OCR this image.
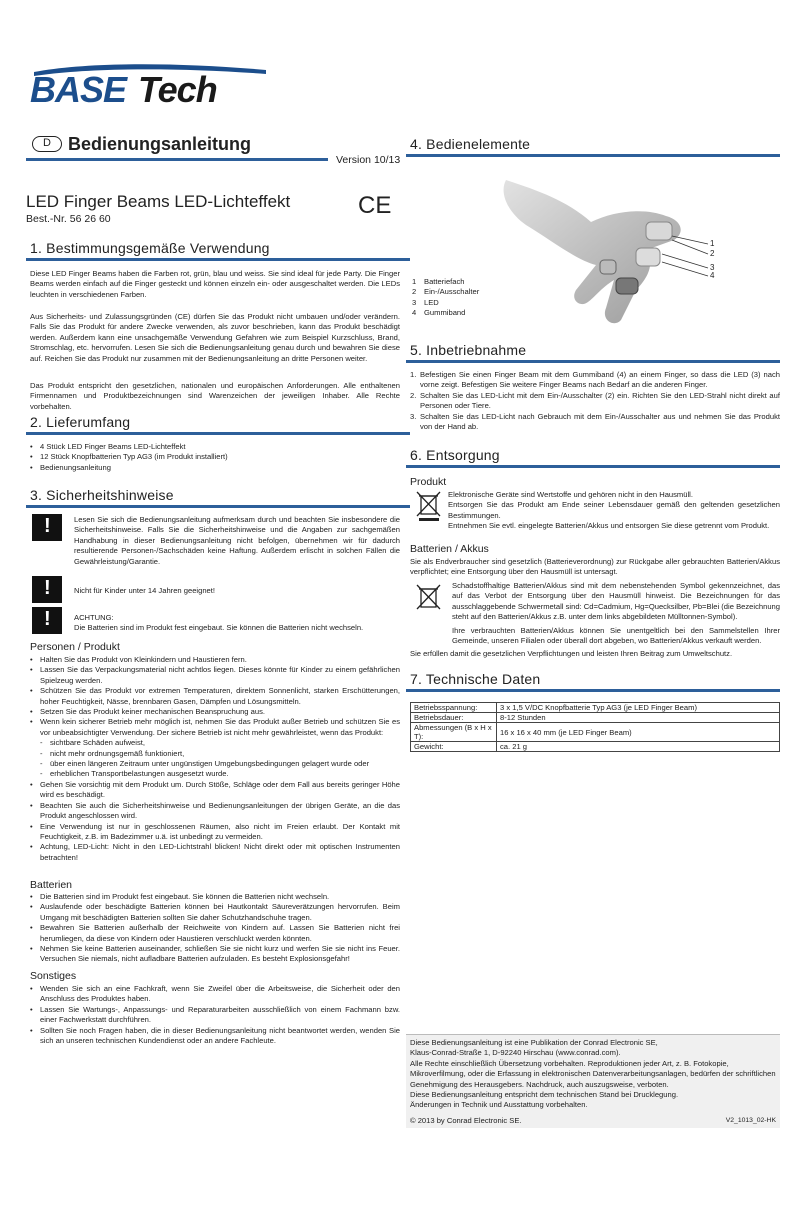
BASE Tech
D Bedienungsanleitung
Version 10/13
LED Finger Beams LED-Lichteffekt
Best.-Nr. 56 26 60	CE
1. Bestimmungsgemäße Verwendung
Diese LED Finger Beams haben die Farben rot, grün, blau und weiss. Sie sind ideal für jede Party. Die Finger Beams werden einfach auf die Finger gesteckt und können einzeln ein- oder ausgeschaltet werden. Die LEDs leuchten in verschiedenen Farben.
Aus Sicherheits- und Zulassungsgründen (CE) dürfen Sie das Produkt nicht umbauen und/oder verändern. Falls Sie das Produkt für andere Zwecke verwenden, als zuvor beschrieben, kann das Produkt beschädigt werden. Außerdem kann eine unsachgemäße Verwendung Gefahren wie zum Beispiel Kurzschluss, Brand, Stromschlag, etc. hervorrufen. Lesen Sie sich die Bedienungsanleitung genau durch und bewahren Sie diese auf. Reichen Sie das Produkt nur zusammen mit der Bedienungsanleitung an dritte Personen weiter.
Das Produkt entspricht den gesetzlichen, nationalen und europäischen Anforderungen. Alle enthaltenen Firmennamen und Produktbezeichnungen sind Warenzeichen der jeweiligen Inhaber. Alle Rechte vorbehalten.
2. Lieferumfang
• 4 Stück LED Finger Beams LED-Lichteffekt
• 12 Stück Knopfbatterien Typ AG3 (im Produkt installiert)
• Bedienungsanleitung
3. Sicherheitshinweise
!
Lesen Sie sich die Bedienungsanleitung aufmerksam durch und beachten Sie insbesondere die Sicherheitshinweise. Falls Sie die Sicherheitshinweise und die Angaben zur sachgemäßen Handhabung in dieser Bedienungsanleitung nicht befolgen, übernehmen wir für dadurch resultierende Personen-/Sachschäden keine Haftung. Außerdem erlischt in solchen Fällen die Gewährleistung/Garantie.
!
Nicht für Kinder unter 14 Jahren geeignet!
!
ACHTUNG:
Die Batterien sind im Produkt fest eingebaut. Sie können die Batterien nicht wechseln.
Personen / Produkt
• Halten Sie das Produkt von Kleinkindern und Haustieren fern.
• Lassen Sie das Verpackungsmaterial nicht achtlos liegen. Dieses könnte für Kinder zu einem gefährlichen Spielzeug werden.
• Schützen Sie das Produkt vor extremen Temperaturen, direktem Sonnenlicht, starken Erschütterungen, hoher Feuchtigkeit, Nässe, brennbaren Gasen, Dämpfen und Lösungsmitteln.
• Setzen Sie das Produkt keiner mechanischen Beanspruchung aus.
• Wenn kein sicherer Betrieb mehr möglich ist, nehmen Sie das Produkt außer Betrieb und schützen Sie es vor unbeabsichtigter Verwendung. Der sichere Betrieb ist nicht mehr gewährleistet, wenn das Produkt:
- sichtbare Schäden aufweist,
- nicht mehr ordnungsgemäß funktioniert,
- über einen längeren Zeitraum unter ungünstigen Umgebungsbedingungen gelagert wurde oder
- erheblichen Transportbelastungen ausgesetzt wurde.
• Gehen Sie vorsichtig mit dem Produkt um. Durch Stöße, Schläge oder dem Fall aus bereits geringer Höhe wird es beschädigt.
• Beachten Sie auch die Sicherheitshinweise und Bedienungsanleitungen der übrigen Geräte, an die das Produkt angeschlossen wird.
• Eine Verwendung ist nur in geschlossenen Räumen, also nicht im Freien erlaubt. Der Kontakt mit Feuchtigkeit, z.B. im Badezimmer u.ä. ist unbedingt zu vermeiden.
• Achtung, LED-Licht: Nicht in den LED-Lichtstrahl blicken! Nicht direkt oder mit optischen Instrumenten betrachten!
Batterien
• Die Batterien sind im Produkt fest eingebaut. Sie können die Batterien nicht wechseln.
• Auslaufende oder beschädigte Batterien können bei Hautkontakt Säureverätzungen hervorrufen. Beim Umgang mit beschädigten Batterien sollten Sie daher Schutzhandschuhe tragen.
• Bewahren Sie Batterien außerhalb der Reichweite von Kindern auf. Lassen Sie Batterien nicht frei herumliegen, da diese von Kindern oder Haustieren verschluckt werden könnten.
• Nehmen Sie keine Batterien auseinander, schließen Sie sie nicht kurz und werfen Sie sie nicht ins Feuer. Versuchen Sie niemals, nicht aufladbare Batterien aufzuladen. Es besteht Explosionsgefahr!
Sonstiges
• Wenden Sie sich an eine Fachkraft, wenn Sie Zweifel über die Arbeitsweise, die Sicherheit oder den Anschluss des Produktes haben.
• Lassen Sie Wartungs-, Anpassungs- und Reparaturarbeiten ausschließlich von einem Fachmann bzw. einer Fachwerkstatt durchführen.
• Sollten Sie noch Fragen haben, die in dieser Bedienungsanleitung nicht beantwortet werden, wenden Sie sich an unseren technischen Kundendienst oder an andere Fachleute.
4. Bedienelemente
1
2
3
4
1 Batteriefach
2 Ein-/Ausschalter
3 LED
4 Gummiband
5. Inbetriebnahme
1. Befestigen Sie einen Finger Beam mit dem Gummiband (4) an einem Finger, so dass die LED (3) nach vorne zeigt. Befestigen Sie weitere Finger Beams nach Bedarf an die anderen Finger.
2. Schalten Sie das LED-Licht mit dem Ein-/Ausschalter (2) ein. Richten Sie den LED-Strahl nicht direkt auf Personen oder Tiere.
3. Schalten Sie das LED-Licht nach Gebrauch mit dem Ein-/Ausschalter aus und nehmen Sie das Produkt von der Hand ab.
6. Entsorgung
Produkt
Elektronische Geräte sind Wertstoffe und gehören nicht in den Hausmüll.
Entsorgen Sie das Produkt am Ende seiner Lebensdauer gemäß den geltenden gesetzlichen Bestimmungen.
Entnehmen Sie evtl. eingelegte Batterien/Akkus und entsorgen Sie diese getrennt vom Produkt.
Batterien / Akkus
Sie als Endverbraucher sind gesetzlich (Batterieverordnung) zur Rückgabe aller gebrauchten Batterien/Akkus verpflichtet; eine Entsorgung über den Hausmüll ist untersagt.
Schadstoffhaltige Batterien/Akkus sind mit dem nebenstehenden Symbol gekennzeichnet, das auf das Verbot der Entsorgung über den Hausmüll hinweist. Die Bezeichnungen für das ausschlaggebende Schwermetall sind: Cd=Cadmium, Hg=Quecksilber, Pb=Blei (die Bezeichnung steht auf den Batterien/Akkus z.B. unter dem links abgebildeten Mülltonnen-Symbol).
Ihre verbrauchten Batterien/Akkus können Sie unentgeltlich bei den Sammelstellen Ihrer Gemeinde, unseren Filialen oder überall dort abgeben, wo Batterien/Akkus verkauft werden.
Sie erfüllen damit die gesetzlichen Verpflichtungen und leisten Ihren Beitrag zum Umweltschutz.
7. Technische Daten
Betriebsspannung:	3 x 1,5 V/DC Knopfbatterie Typ AG3 (je LED Finger Beam)
Betriebsdauer:	8-12 Stunden
Abmessungen (B x H x T):	16 x 16 x 40 mm (je LED Finger Beam)
Gewicht:	ca. 21 g
Diese Bedienungsanleitung ist eine Publikation der Conrad Electronic SE,
Klaus-Conrad-Straße 1, D-92240 Hirschau (www.conrad.com).
Alle Rechte einschließlich Übersetzung vorbehalten. Reproduktionen jeder Art, z. B. Fotokopie, Mikroverfilmung, oder die Erfassung in elektronischen Datenverarbeitungsanlagen, bedürfen der schriftlichen Genehmigung des Herausgebers. Nachdruck, auch auszugsweise, verboten.
Diese Bedienungsanleitung entspricht dem technischen Stand bei Drucklegung.
Änderungen in Technik und Ausstattung vorbehalten.
© 2013 by Conrad Electronic SE.	V2_1013_02-HK
